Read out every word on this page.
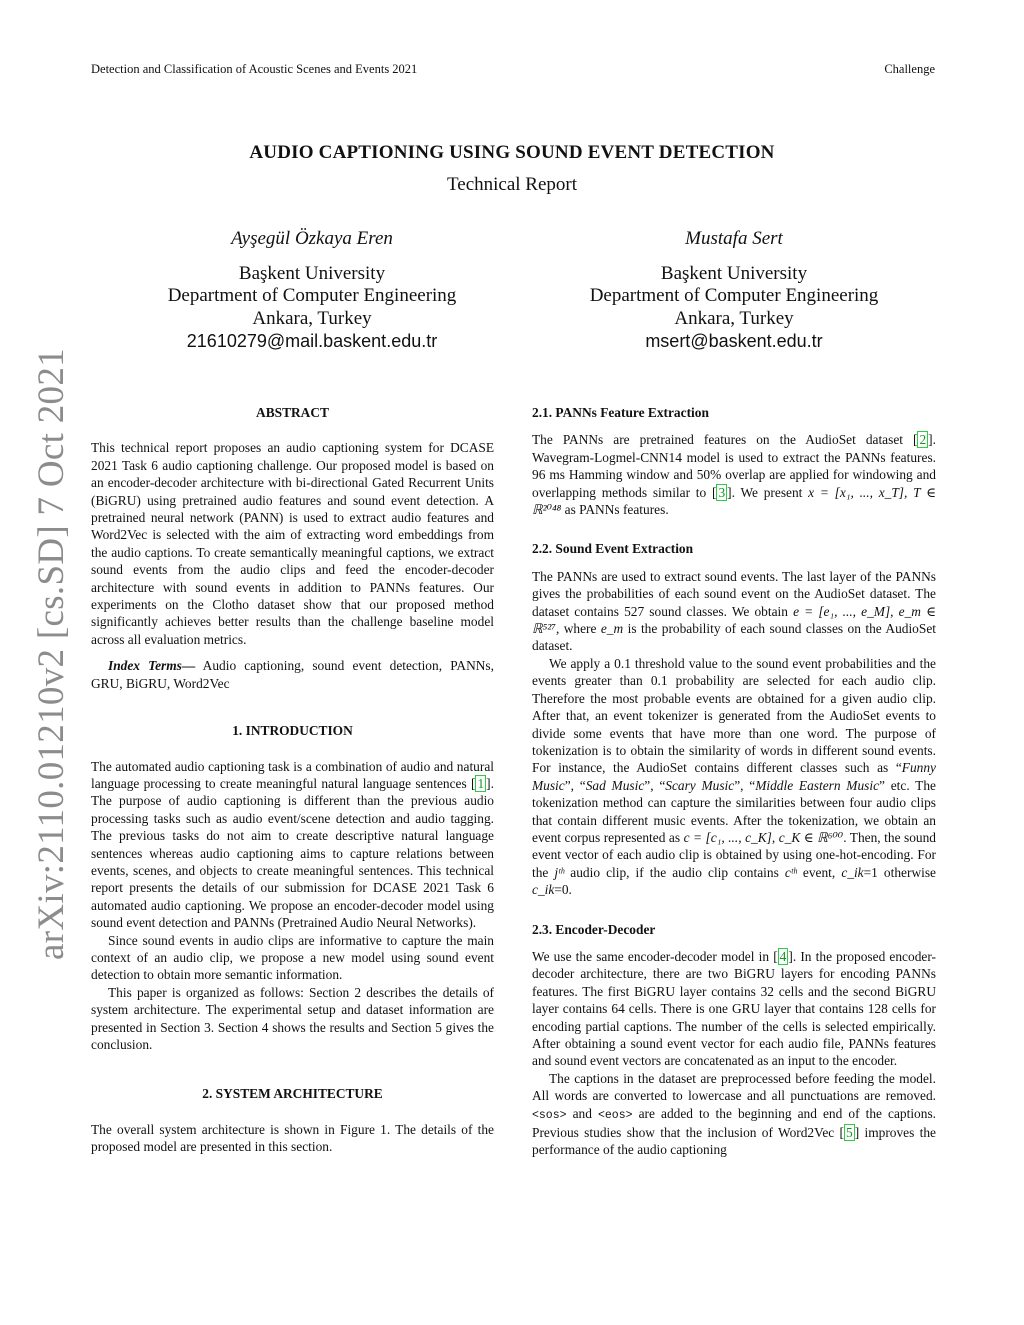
Detection and Classification of Acoustic Scenes and Events 2021	Challenge
arXiv:2110.01210v2 [cs.SD] 7 Oct 2021
AUDIO CAPTIONING USING SOUND EVENT DETECTION
Technical Report
Ayşegül Özkaya Eren
Başkent University
Department of Computer Engineering
Ankara, Turkey
21610279@mail.baskent.edu.tr
Mustafa Sert
Başkent University
Department of Computer Engineering
Ankara, Turkey
msert@baskent.edu.tr
ABSTRACT

This technical report proposes an audio captioning system for DCASE 2021 Task 6 audio captioning challenge. Our proposed model is based on an encoder-decoder architecture with bi-directional Gated Recurrent Units (BiGRU) using pretrained audio features and sound event detection. A pretrained neural network (PANN) is used to extract audio features and Word2Vec is selected with the aim of extracting word embeddings from the audio captions. To create semantically meaningful captions, we extract sound events from the audio clips and feed the encoder-decoder architecture with sound events in addition to PANNs features. Our experiments on the Clotho dataset show that our proposed method significantly achieves better results than the challenge baseline model across all evaluation metrics.

Index Terms— Audio captioning, sound event detection, PANNs, GRU, BiGRU, Word2Vec

1. INTRODUCTION

The automated audio captioning task is a combination of audio and natural language processing to create meaningful natural language sentences [ 1 ]. The purpose of audio captioning is different than the previous audio processing tasks such as audio event/scene detection and audio tagging. The previous tasks do not aim to create descriptive natural language sentences whereas audio captioning aims to capture relations between events, scenes, and objects to create meaningful sentences. This technical report presents the details of our submission for DCASE 2021 Task 6 automated audio captioning. We propose an encoder-decoder model using sound event detection and PANNs (Pretrained Audio Neural Networks).

Since sound events in audio clips are informative to capture the main context of an audio clip, we propose a new model using sound event detection to obtain more semantic information.

This paper is organized as follows: Section 2 describes the details of system architecture. The experimental setup and dataset information are presented in Section 3. Section 4 shows the results and Section 5 gives the conclusion.

2. SYSTEM ARCHITECTURE

The overall system architecture is shown in Figure 1. The details of the proposed model are presented in this section.

2.1. PANNs Feature Extraction

The PANNs are pretrained features on the AudioSet dataset [ 2 ]. Wavegram-Logmel-CNN14 model is used to extract the PANNs features. 96 ms Hamming window and 50% overlap are applied for windowing and overlapping methods similar to [ 3 ]. We present x = [x₁, ..., x_T], T ∈ ℝ²⁰⁴⁸ as PANNs features.

2.2. Sound Event Extraction

The PANNs are used to extract sound events. The last layer of the PANNs gives the probabilities of each sound event on the AudioSet dataset. The dataset contains 527 sound classes. We obtain e = [e₁, ..., e_M], e_m ∈ ℝ⁵²⁷, where e_m is the probability of each sound classes on the AudioSet dataset.

We apply a 0.1 threshold value to the sound event probabilities and the events greater than 0.1 probability are selected for each audio clip. Therefore the most probable events are obtained for a given audio clip. After that, an event tokenizer is generated from the AudioSet events to divide some events that have more than one word. The purpose of tokenization is to obtain the similarity of words in different sound events. For instance, the AudioSet contains different classes such as “Funny Music”, “Sad Music”, “Scary Music”, “Middle Eastern Music” etc. The tokenization method can capture the similarities between four audio clips that contain different music events. After the tokenization, we obtain an event corpus represented as c = [c₁, ..., c_K], c_K ∈ ℝ⁶⁰⁰. Then, the sound event vector of each audio clip is obtained by using one-hot-encoding. For the jᵗʰ audio clip, if the audio clip contains cᵗʰ event, c_ik=1 otherwise c_ik=0.

2.3. Encoder-Decoder

We use the same encoder-decoder model in [ 4 ]. In the proposed encoder-decoder architecture, there are two BiGRU layers for encoding PANNs features. The first BiGRU layer contains 32 cells and the second BiGRU layer contains 64 cells. There is one GRU layer that contains 128 cells for encoding partial captions. The number of the cells is selected empirically. After obtaining a sound event vector for each audio file, PANNs features and sound event vectors are concatenated as an input to the encoder.

The captions in the dataset are preprocessed before feeding the model. All words are converted to lowercase and all punctuations are removed. <sos> and <eos> are added to the beginning and end of the captions. Previous studies show that the inclusion of Word2Vec [ 5 ] improves the performance of the audio captioning
